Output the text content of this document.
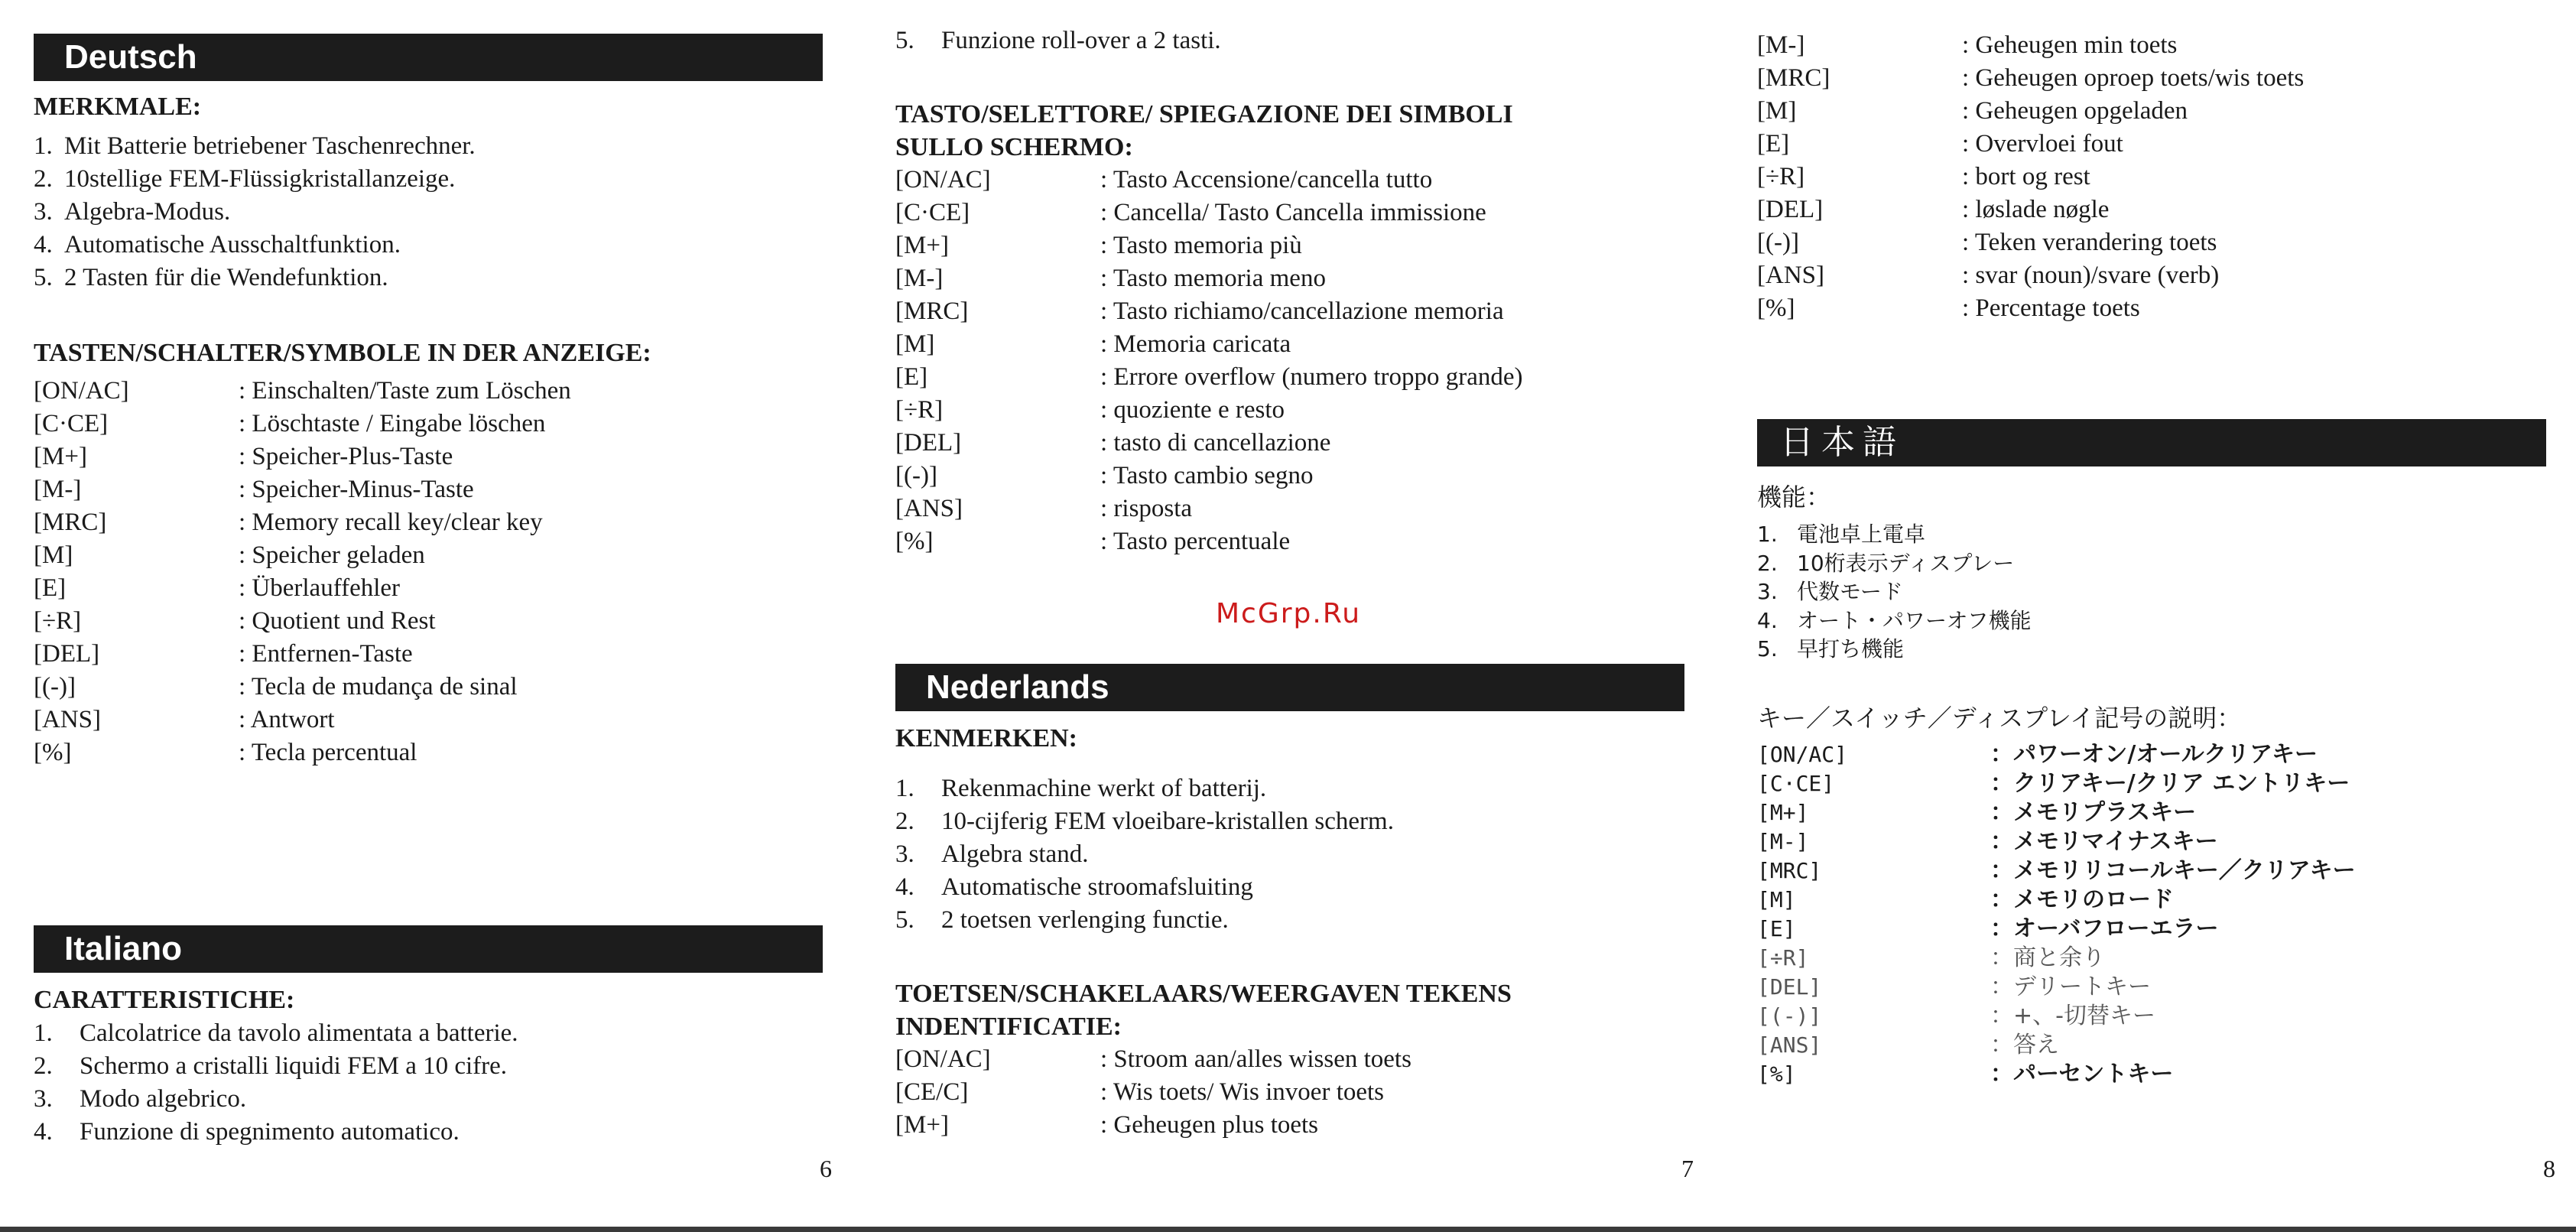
Deutsch
MERKMALE:
1. Mit Batterie betriebener Taschenrechner.
2. 10stellige FEM-Flüssigkristallanzeige.
3. Algebra-Modus.
4. Automatische Ausschaltfunktion.
5. 2 Tasten für die Wendefunktion.
TASTEN/SCHALTER/SYMBOLE IN DER ANZEIGE:
[ON/AC]	: Einschalten/Taste zum Löschen
[C·CE]	: Löschtaste / Eingabe löschen
[M+]	: Speicher-Plus-Taste
[M-]	: Speicher-Minus-Taste
[MRC]	: Memory recall key/clear key
[M]	: Speicher geladen
[E]	: Überlauffehler
[÷R]	: Quotient und Rest
[DEL]	: Entfernen-Taste
[(-)]	: Tecla de mudança de sinal
[ANS]	: Antwort
[%]	: Tecla percentual
Italiano
CARATTERISTICHE:
1. Calcolatrice da tavolo alimentata a batterie.
2. Schermo a cristalli liquidi FEM a 10 cifre.
3. Modo algebrico.
4. Funzione di spegnimento automatico.
6
5. Funzione roll-over a 2 tasti.
TASTO/SELETTORE/ SPIEGAZIONE DEI SIMBOLI
SULLO SCHERMO:
[ON/AC]	: Tasto Accensione/cancella tutto
[C·CE]	: Cancella/ Tasto Cancella immissione
[M+]	: Tasto memoria più
[M-]	: Tasto memoria meno
[MRC]	: Tasto richiamo/cancellazione memoria
[M]	: Memoria caricata
[E]	: Errore overflow (numero troppo grande)
[÷R]	: quoziente e resto
[DEL]	: tasto di cancellazione
[(-)]	: Tasto cambio segno
[ANS]	: risposta
[%]	: Tasto percentuale
Nederlands
KENMERKEN:
1. Rekenmachine werkt of batterij.
2. 10-cijferig FEM vloeibare-kristallen scherm.
3. Algebra stand.
4. Automatische stroomafsluiting
5. 2 toetsen verlenging functie.
TOETSEN/SCHAKELAARS/WEERGAVEN TEKENS
INDENTIFICATIE:
[ON/AC]	: Stroom aan/alles wissen toets
[CE/C]	: Wis toets/ Wis invoer toets
[M+]	: Geheugen plus toets
7
McGrp.Ru
[M-]	: Geheugen min toets
[MRC]	: Geheugen oproep toets/wis toets
[M]	: Geheugen opgeladen
[E]	: Overvloei fout
[÷R]	: bort og rest
[DEL]	: løslade nøgle
[(-)]	: Teken verandering toets
[ANS]	: svar (noun)/svare (verb)
[%]	: Percentage toets
日本語
機能：
1. 電池卓上電卓
2. 10桁表示ディスプレー
3. 代数モード
4. オート・パワーオフ機能
5. 早打ち機能
キー／スイッチ／ディスプレイ記号の説明：
[ON/AC]	：パワーオン/オールクリアキー
[C·CE]	：クリアキー/クリア エントリキー
[M+]	：メモリプラスキー
[M-]	：メモリマイナスキー
[MRC]	：メモリリコールキー／クリアキー
[M]	：メモリのロード
[E]	：オーバフローエラー
[÷R]	：商と余り
[DEL]	：デリートキー
[(-)]	：+、-切替キー
[ANS]	：答え
[%]	：パーセントキー
8
